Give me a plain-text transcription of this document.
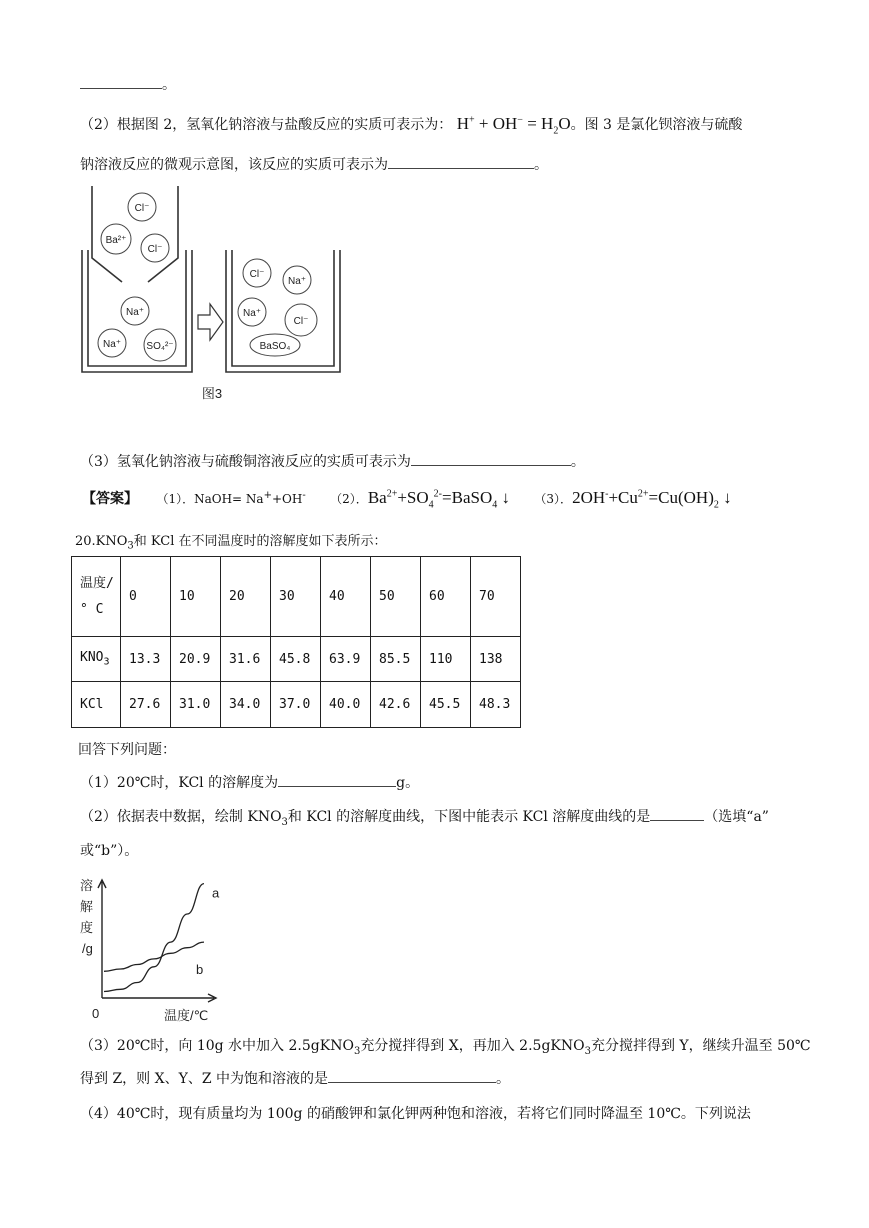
。
（2）根据图 2，氢氧化钠溶液与盐酸反应的实质可表示为： $H^+ + OH^- = H_2O$。图 3 是氯化钡溶液与硫酸
钠溶液反应的微观示意图，该反应的实质可表示为	。
Cl⁻
Ba²⁺
Cl⁻
Na⁺
Na⁺	SO₄²⁻
Cl⁻
Na⁺
Na⁺
Cl⁻
BaSO₄
图3
（3）氢氧化钠溶液与硫酸铜溶液反应的实质可表示为	。
【答案】 （1）．NaOH= Na++OH- （2）．$Ba^{2+}+SO_4^{2-}=BaSO_4$ ↓ （3）．$2OH^-+Cu^{2+}=Cu(OH)_2$ ↓
$20.KNO_3$和 KCl 在不同温度时的溶解度如下表所示：
温度/° C	0	10	20	30	40	50	60	70
$KNO_3$	13.3	20.9	31.6	45.8	63.9	85.5	110	138
KCl	27.6	31.0	34.0	37.0	40.0	42.6	45.5	48.3
回答下列问题：
（1）20℃时，KCl 的溶解度为	g。
（2）依据表中数据，绘制 $KNO_3$和 KCl 的溶解度曲线，下图中能表示 KCl 溶解度曲线的是	（选填“a”
或“b”）。
溶解度/g
温度/℃
0
a
b
（3）20℃时，向 10g 水中加入 2.5gKNO$_3$充分搅拌得到 X，再加入 2.5gKNO$_3$充分搅拌得到 Y，继续升温至 50℃
得到 Z，则 X、Y、Z 中为饱和溶液的是	。
（4）40℃时，现有质量均为 100g 的硝酸钾和氯化钾两种饱和溶液，若将它们同时降温至 10℃。下列说法
